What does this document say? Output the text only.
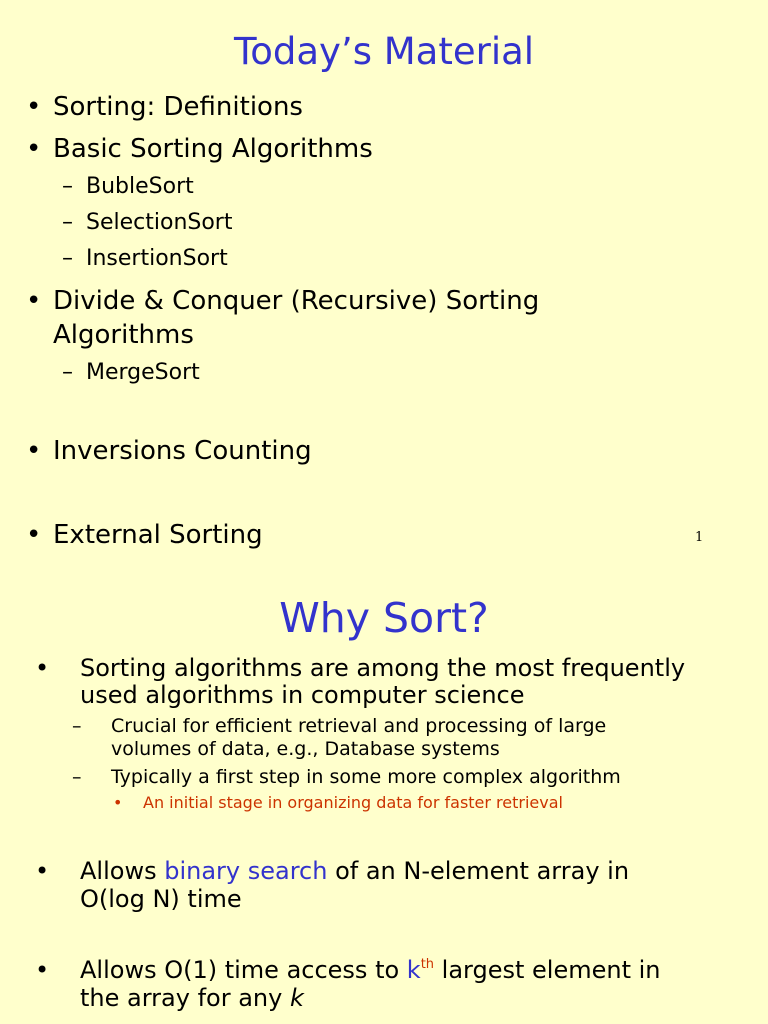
Today’s Material
• Sorting: Definitions
• Basic Sorting Algorithms
– BubleSort
– SelectionSort
– InsertionSort
• Divide & Conquer (Recursive) Sorting
Algorithms
– MergeSort
• Inversions Counting
• External Sorting	1
Why Sort?
• Sorting algorithms are among the most frequently
used algorithms in computer science
– Crucial for efficient retrieval and processing of large
volumes of data, e.g., Database systems
– Typically a first step in some more complex algorithm
• An initial stage in organizing data for faster retrieval
• Allows binary search of an N-element array in
O(log N) time
• Allows O(1) time access to $k^{th}$ largest element in
the array for any k
